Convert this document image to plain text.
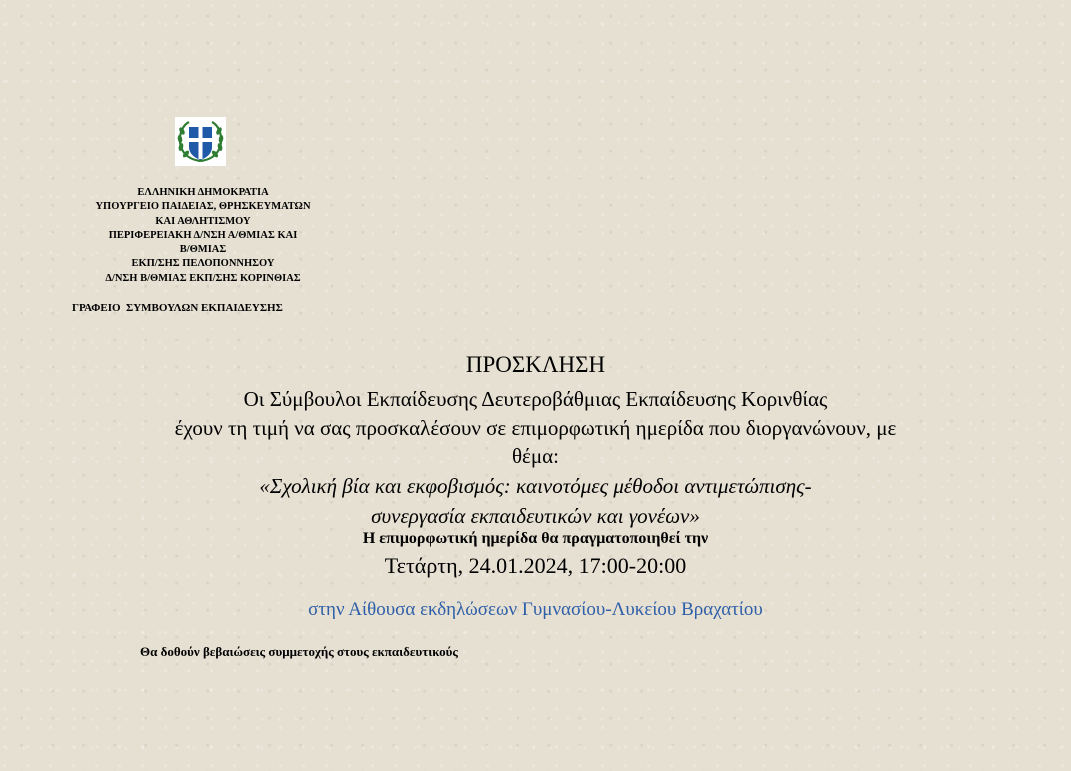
ΕΛΛΗΝΙΚΗ ΔΗΜΟΚΡΑΤΙΑ
ΥΠΟΥΡΓΕΙΟ ΠΑΙΔΕΙΑΣ, ΘΡΗΣΚΕΥΜΑΤΩΝ
ΚΑΙ ΑΘΛΗΤΙΣΜΟΥ
ΠΕΡΙΦΕΡΕΙΑΚΗ Δ/ΝΣΗ Α/ΘΜΙΑΣ ΚΑΙ
Β/ΘΜΙΑΣ
ΕΚΠ/ΣΗΣ ΠΕΛΟΠΟΝΝΗΣΟΥ
Δ/ΝΣΗ Β/ΘΜΙΑΣ ΕΚΠ/ΣΗΣ ΚΟΡΙΝΘΙΑΣ
ΓΡΑΦΕΙΟ  ΣΥΜΒΟΥΛΩΝ ΕΚΠΑΙΔΕΥΣΗΣ
ΠΡΟΣΚΛΗΣΗ
Οι Σύμβουλοι Εκπαίδευσης Δευτεροβάθμιας Εκπαίδευσης Κορινθίας
έχουν τη τιμή να σας προσκαλέσουν σε επιμορφωτική ημερίδα που διοργανώνουν, με
θέμα:
«Σχολική βία και εκφοβισμός: καινοτόμες μέθοδοι αντιμετώπισης-
συνεργασία εκπαιδευτικών και γονέων»
Η επιμορφωτική ημερίδα θα πραγματοποιηθεί την
Τετάρτη, 24.01.2024, 17:00-20:00
στην Αίθουσα εκδηλώσεων Γυμνασίου-Λυκείου Βραχατίου
Θα δοθούν βεβαιώσεις συμμετοχής στους εκπαιδευτικούς
